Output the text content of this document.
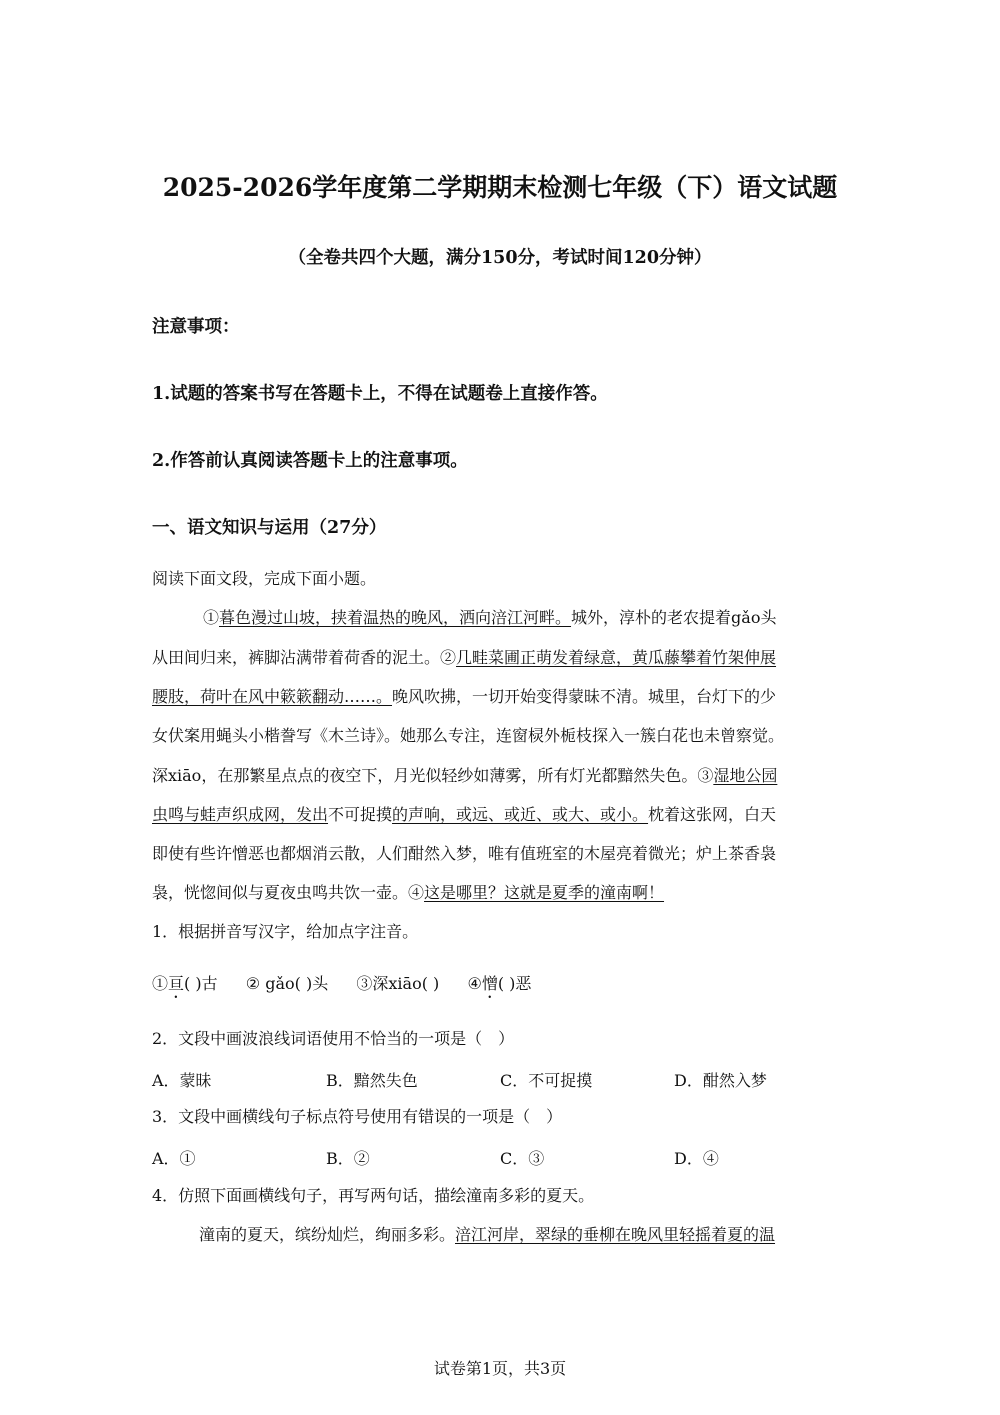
2025-2026学年度第二学期期末检测七年级（下）语文试题
（全卷共四个大题，满分150分，考试时间120分钟）
注意事项：
1.试题的答案书写在答题卡上，不得在试题卷上直接作答。
2.作答前认真阅读答题卡上的注意事项。
一、语文知识与运用（27分）
阅读下面文段，完成下面小题。
①暮色漫过山坡，挟着温热的晚风，洒向涪江河畔。城外，淳朴的老农提着gǎo头
从田间归来，裤脚沾满带着荷香的泥土。②几畦菜圃正萌发着绿意，黄瓜藤攀着竹架伸展
腰肢，荷叶在风中簌簌翻动……。晚风吹拂，一切开始变得蒙昧不清。城里，台灯下的少
女伏案用蝇头小楷誊写《木兰诗》。她那么专注，连窗棂外栀枝探入一簇白花也未曾察觉。
深xiāo，在那繁星点点的夜空下，月光似轻纱如薄雾，所有灯光都黯然失色。③湿地公园
虫鸣与蛙声织成网，发出不可捉摸的声响，或远、或近、或大、或小。枕着这张网，白天
即使有些许憎恶也都烟消云散，人们酣然入梦，唯有值班室的木屋亮着微光；炉上茶香袅
袅，恍惚间似与夏夜虫鸣共饮一壶。④这是哪里？这就是夏季的潼南啊！
1．根据拼音写汉字，给加点字注音。
①亘( )古 ② gǎo( )头 ③深xiāo( ) ④憎( )恶
2．文段中画波浪线词语使用不恰当的一项是（　）
A．蒙昧	B．黯然失色	C．不可捉摸	D．酣然入梦
3．文段中画横线句子标点符号使用有错误的一项是（　）
A．①	B．②	C．③	D．④
4．仿照下面画横线句子，再写两句话，描绘潼南多彩的夏天。
潼南的夏天，缤纷灿烂，绚丽多彩。涪江河岸，翠绿的垂柳在晚风里轻摇着夏的温
试卷第1页，共3页
